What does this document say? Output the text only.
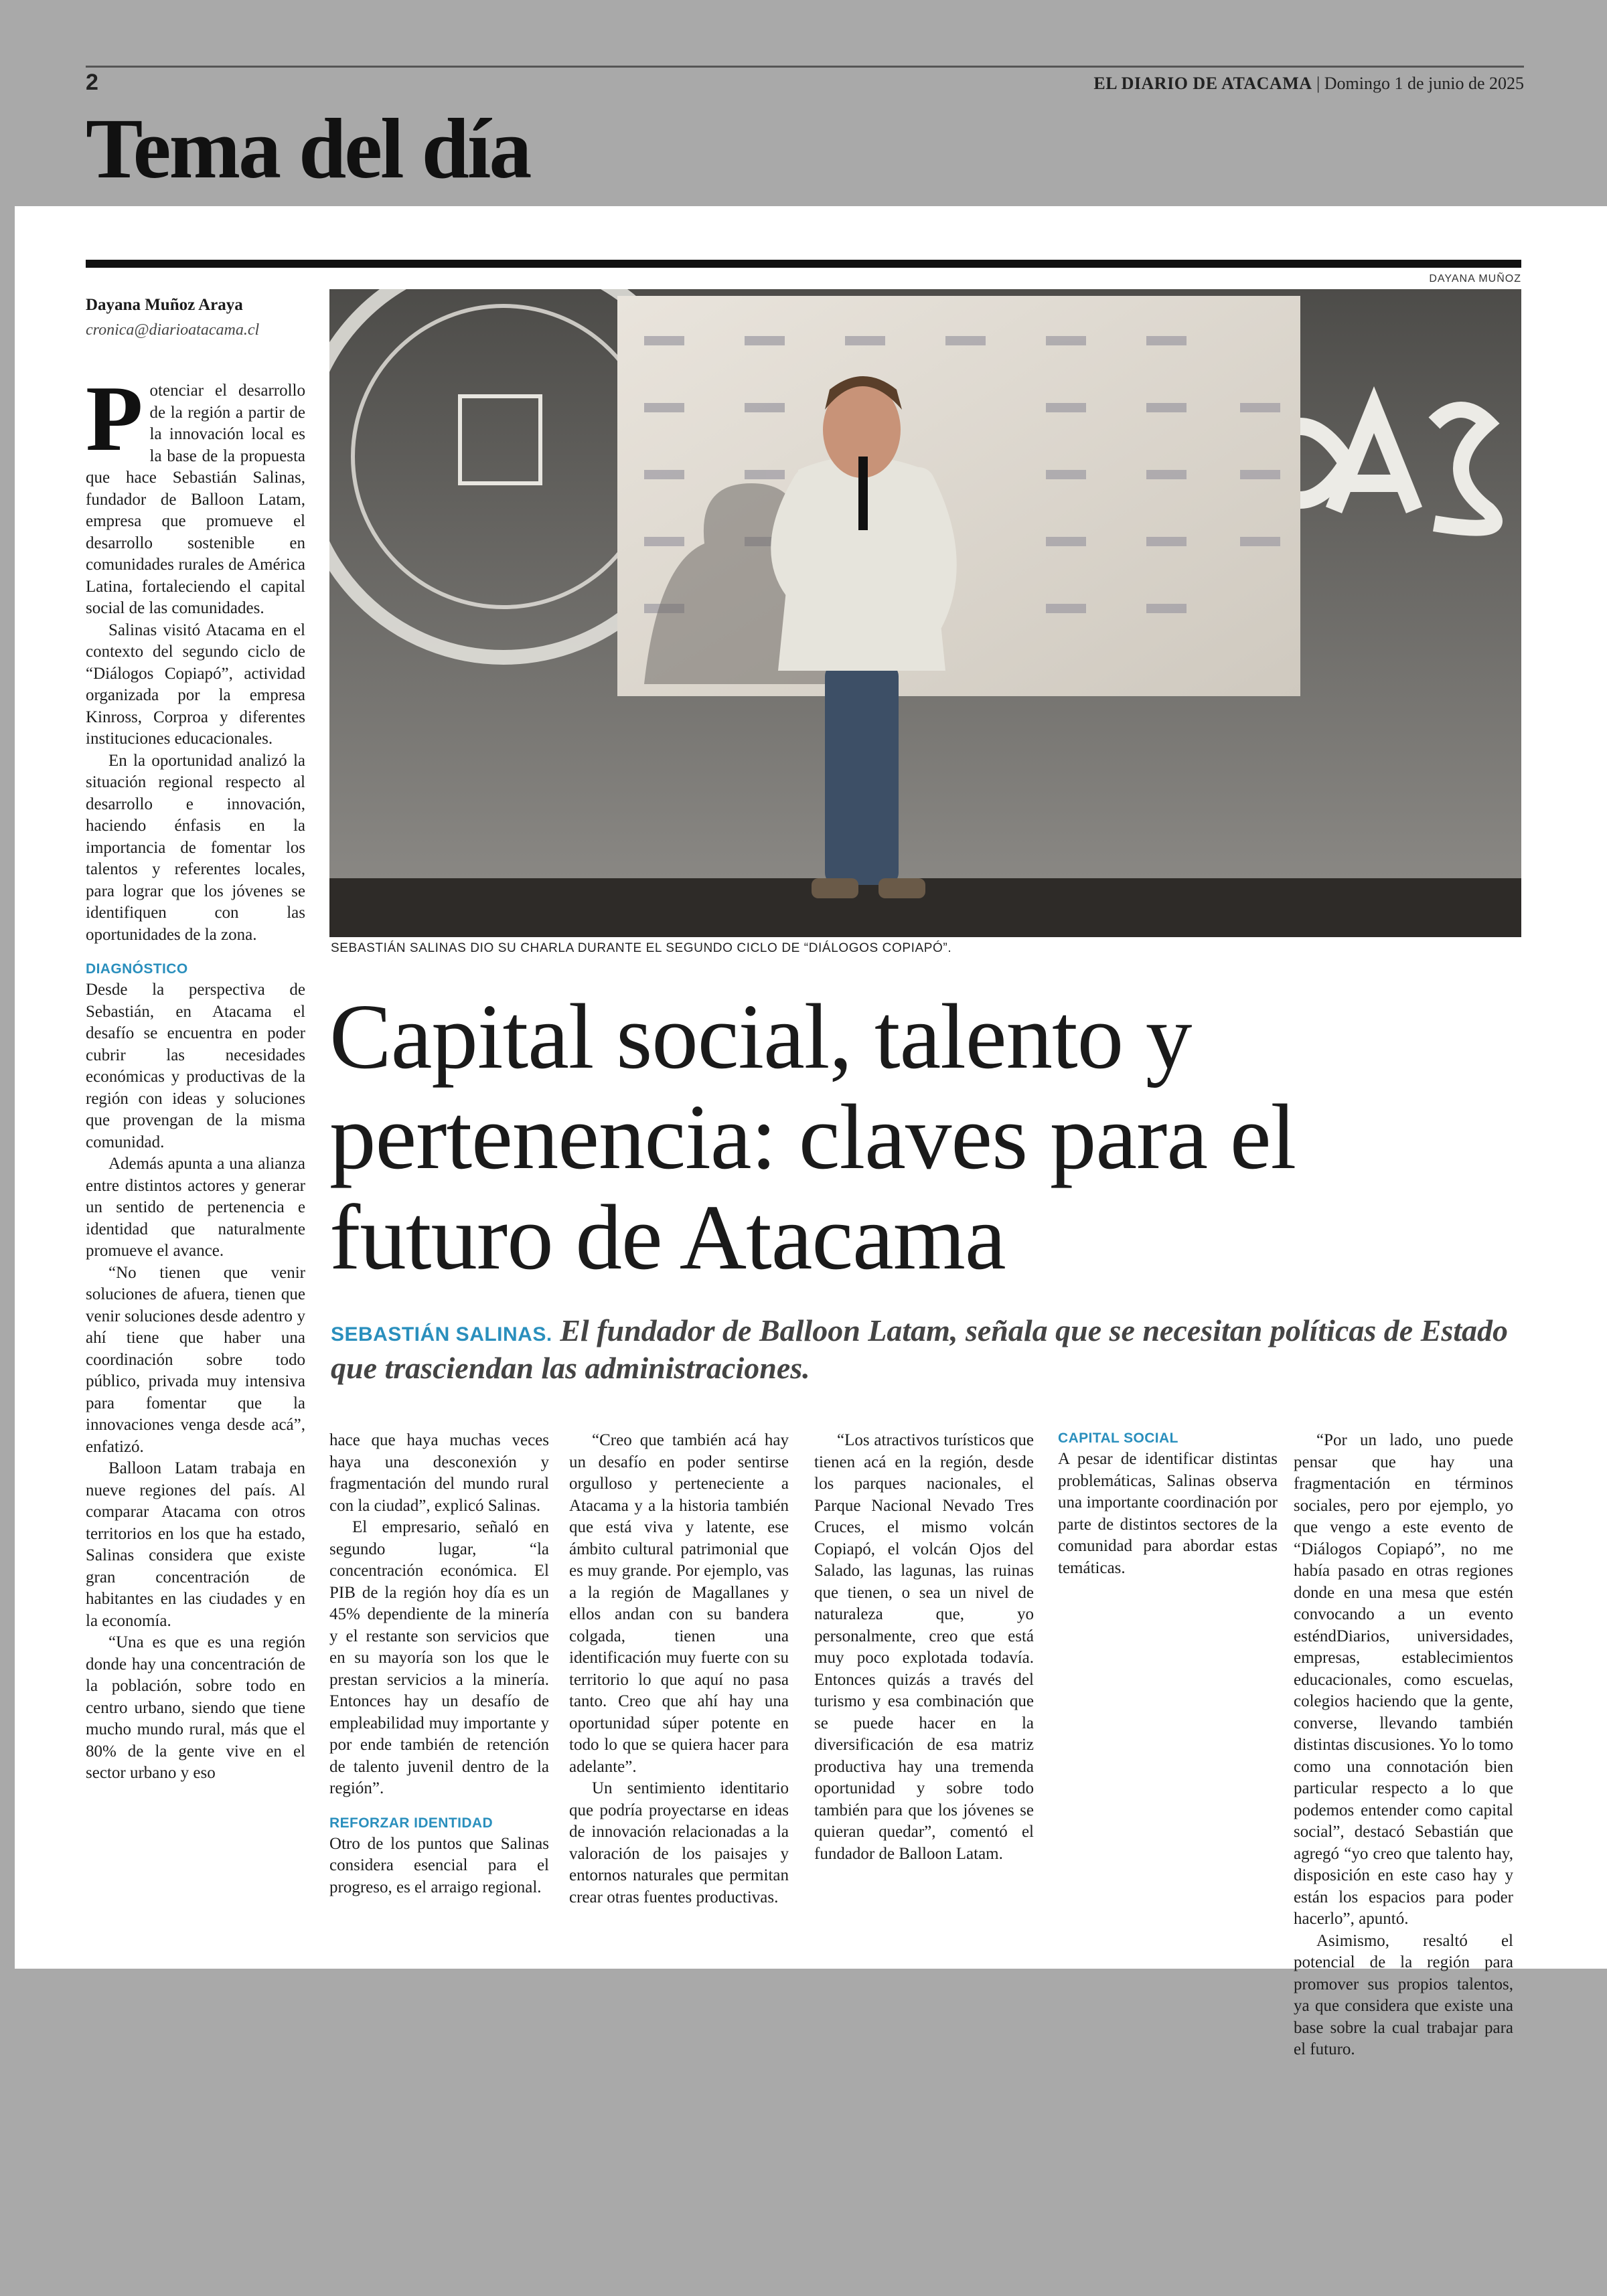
2	EL DIARIO DE ATACAMA | Domingo 1 de junio de 2025
Tema del día
Dayana Muñoz Araya
cronica@diarioatacama.cl
DAYANA MUÑOZ
SEBASTIÁN SALINAS DIO SU CHARLA DURANTE EL SEGUNDO CICLO DE “DIÁLOGOS COPIAPÓ”.
Capital social, talento y pertenencia: claves para el futuro de Atacama
SEBASTIÁN SALINAS. El fundador de Balloon Latam, señala que se necesitan políticas de Estado que trasciendan las administraciones.
P otenciar el desarrollo de la región a partir de la innovación local es la base de la propuesta que hace Sebastián Salinas, fundador de Balloon Latam, empresa que promueve el desarrollo sostenible en comunidades rurales de América Latina, fortaleciendo el capital social de las comunidades.

Salinas visitó Atacama en el contexto del segundo ciclo de “Diálogos Copiapó”, actividad organizada por la empresa Kinross, Corproa y diferentes instituciones educacionales.

En la oportunidad analizó la situación regional respecto al desarrollo e innovación, haciendo énfasis en la importancia de fomentar los talentos y referentes locales, para lograr que los jóvenes se identifiquen con las oportunidades de la zona.

DIAGNÓSTICO

Desde la perspectiva de Sebastián, en Atacama el desafío se encuentra en poder cubrir las necesidades económicas y productivas de la región con ideas y soluciones que provengan de la misma comunidad.

Además apunta a una alianza entre distintos actores y generar un sentido de pertenencia e identidad que naturalmente promueve el avance.

“No tienen que venir soluciones de afuera, tienen que venir soluciones desde adentro y ahí tiene que haber una coordinación sobre todo público, privada muy intensiva para fomentar que la innovaciones venga desde acá”, enfatizó.

Balloon Latam trabaja en nueve regiones del país. Al comparar Atacama con otros territorios en los que ha estado, Salinas considera que existe gran concentración de habitantes en las ciudades y en la economía.

“Una es que es una región donde hay una concentración de la población, sobre todo en centro urbano, siendo que tiene mucho mundo rural, más que el 80% de la gente vive en el sector urbano y eso

hace que haya muchas veces haya una desconexión y fragmentación del mundo rural con la ciudad”, explicó Salinas.

El empresario, señaló en segundo lugar, “la concentración económica. El PIB de la región hoy día es un 45% dependiente de la minería y el restante son servicios que en su mayoría son los que le prestan servicios a la minería. Entonces hay un desafío de empleabilidad muy importante y por ende también de retención de talento juvenil dentro de la región”.

REFORZAR IDENTIDAD

Otro de los puntos que Salinas considera esencial para el progreso, es el arraigo regional.

“Creo que también acá hay un desafío en poder sentirse orgulloso y perteneciente a Atacama y a la historia también que está viva y latente, ese ámbito cultural patrimonial que es muy grande. Por ejemplo, vas a la región de Magallanes y ellos andan con su bandera colgada, tienen una identificación muy fuerte con su territorio lo que aquí no pasa tanto. Creo que ahí hay una oportunidad súper potente en todo lo que se quiera hacer para adelante”.

Un sentimiento identitario que podría proyectarse en ideas de innovación relacionadas a la valoración de los paisajes y entornos naturales que permitan crear otras fuentes productivas.

“Los atractivos turísticos que tienen acá en la región, desde los parques nacionales, el Parque Nacional Nevado Tres Cruces, el mismo volcán Copiapó, el volcán Ojos del Salado, las lagunas, las ruinas que tienen, o sea un nivel de naturaleza que, yo personalmente, creo que está muy poco explotada todavía. Entonces quizás a través del turismo y esa combinación que se puede hacer en la diversificación de esa matriz productiva hay una tremenda oportunidad y sobre todo también para que los jóvenes se quieran quedar”, comentó el fundador de Balloon Latam.

CAPITAL SOCIAL

A pesar de identificar distintas problemáticas, Salinas observa una importante coordinación por parte de distintos sectores de la comunidad para abordar estas temáticas.

“Por un lado, uno puede pensar que hay una fragmentación en términos sociales, pero por ejemplo, yo que vengo a este evento de “Diálogos Copiapó”, no me había pasado en otras regiones donde en una mesa que estén convocando a un evento esténdDiarios, universidades, empresas, establecimientos educacionales, como escuelas, colegios haciendo que la gente, converse, llevando también distintas discusiones. Yo lo tomo como una connotación bien particular respecto a lo que podemos entender como capital social”, destacó Sebastián que agregó “yo creo que talento hay, disposición en este caso hay y están los espacios para poder hacerlo”, apuntó.

Asimismo, resaltó el potencial de la región para promover sus propios talentos, ya que considera que existe una base sobre la cual trabajar para el futuro.
